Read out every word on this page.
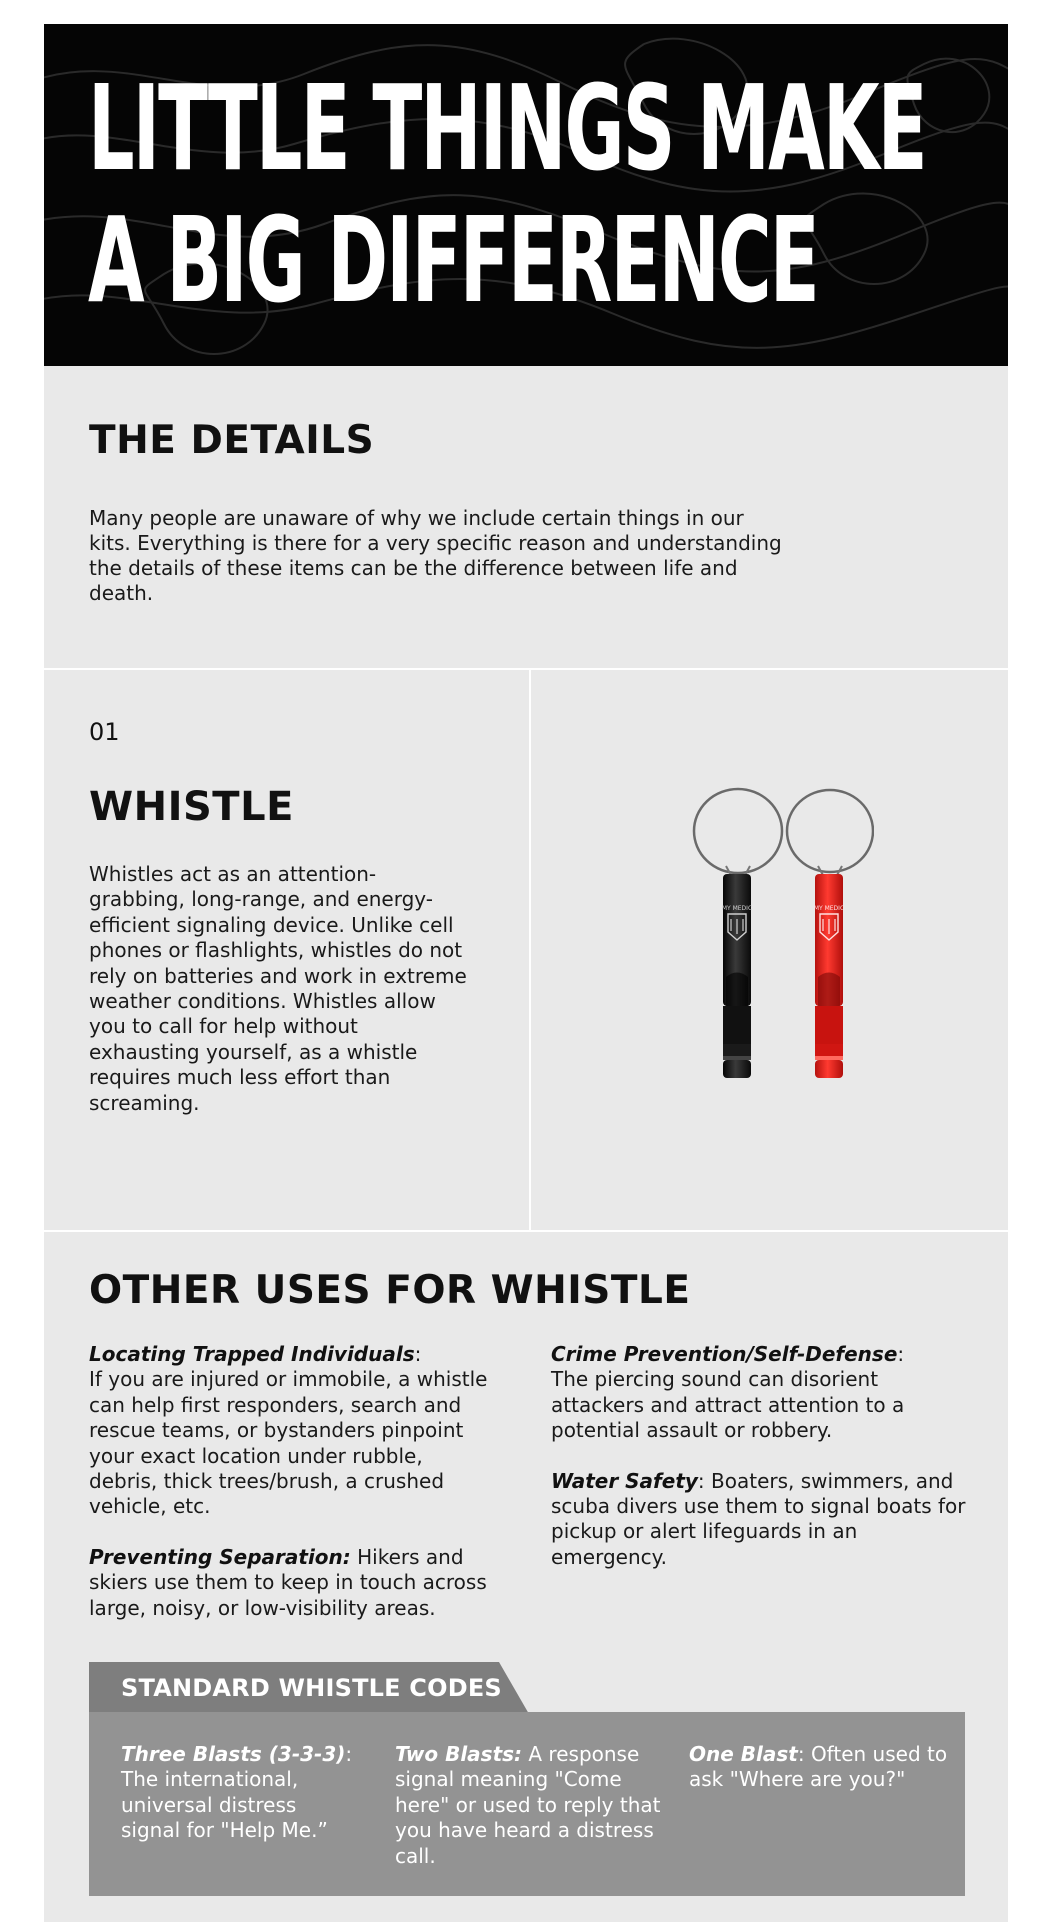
LITTLE THINGS MAKE
A BIG DIFFERENCE
THE DETAILS

Many people are unaware of why we include certain things in our kits. Everything is there for a very specific reason and understanding the details of these items can be the difference between life and death.

01
WHISTLE

Whistles act as an attention-grabbing, long-range, and energy-efficient signaling device. Unlike cell phones or flashlights, whistles do not rely on batteries and work in extreme weather conditions. Whistles allow you to call for help without exhausting yourself, as a whistle requires much less effort than screaming.

MY MEDIC	MY MEDIC
OTHER USES FOR WHISTLE

Locating Trapped Individuals:
If you are injured or immobile, a whistle can help first responders, search and rescue teams, or bystanders pinpoint your exact location under rubble, debris, thick trees/brush, a crushed vehicle, etc.

Preventing Separation: Hikers and skiers use them to keep in touch across large, noisy, or low-visibility areas.

Crime Prevention/Self-Defense:
The piercing sound can disorient attackers and attract attention to a potential assault or robbery.

Water Safety: Boaters, swimmers, and scuba divers use them to signal boats for pickup or alert lifeguards in an emergency.

STANDARD WHISTLE CODES
Three Blasts (3-3-3):
The international, universal distress signal for "Help Me.”
Two Blasts: A response signal meaning "Come here" or used to reply that you have heard a distress call.
One Blast: Often used to ask "Where are you?"
